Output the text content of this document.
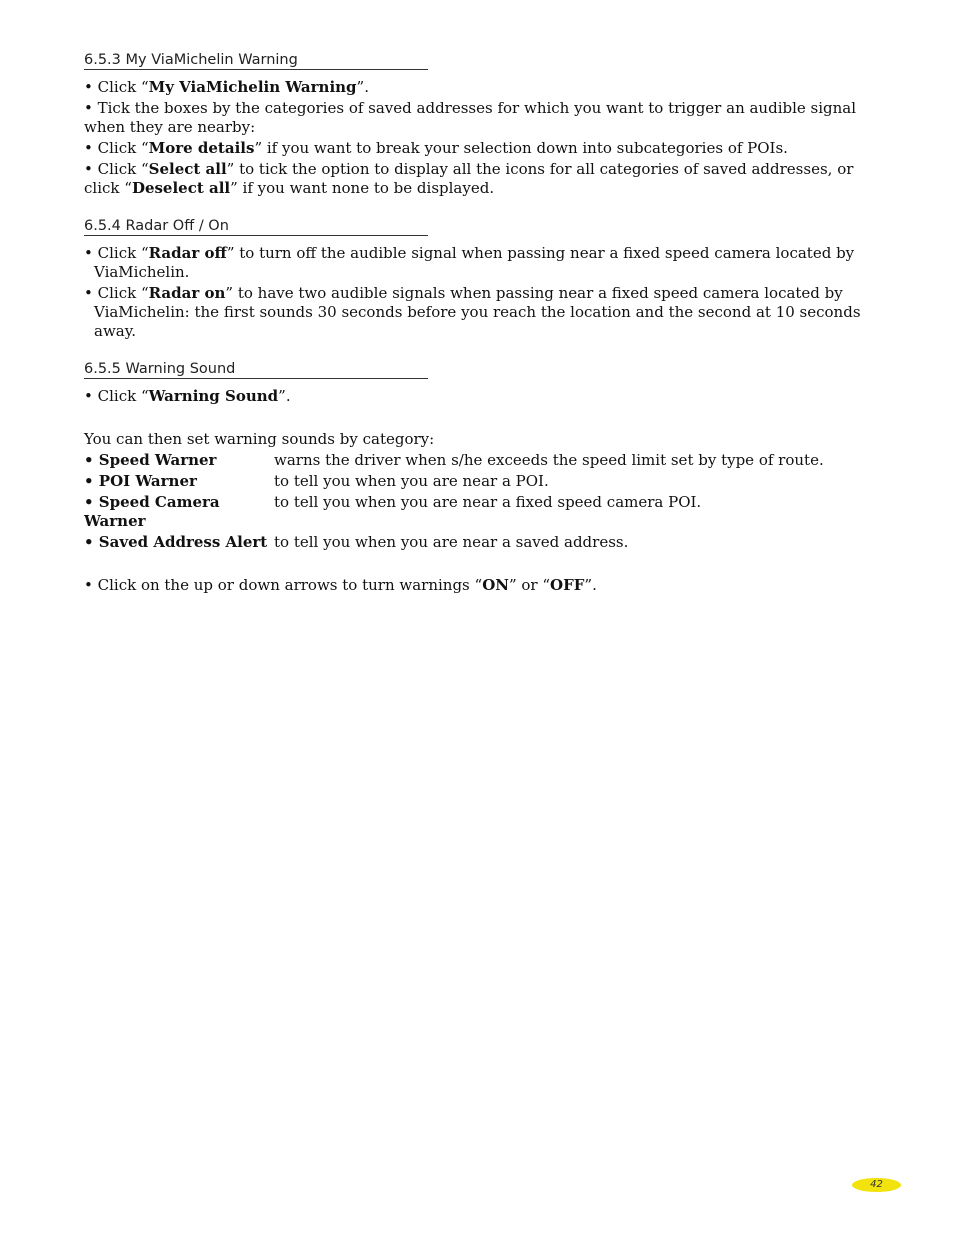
6.5.3 My ViaMichelin Warning

• Click “My ViaMichelin Warning”.

• Tick the boxes by the categories of saved addresses for which you want to trigger an audible signal when they are nearby:

• Click “More details” if you want to break your selection down into subcategories of POIs.

• Click “Select all” to tick the option to display all the icons for all categories of saved addresses, or click “Deselect all” if you want none to be displayed.

6.5.4 Radar Off / On

• Click “Radar off” to turn off the audible signal when passing near a fixed speed camera located by ViaMichelin.

• Click “Radar on” to have two audible signals when passing near a fixed speed camera located by ViaMichelin: the first sounds 30 seconds before you reach the location and the second at 10 seconds away.

6.5.5 Warning Sound

• Click “Warning Sound”.

You can then set warning sounds by category:

• Speed Warner	warns the driver when s/he exceeds the speed limit set by type of route.
• POI Warner	to tell you when you are near a POI.
• Speed Camera Warner
to tell you when you are near a fixed speed camera POI.
• Saved Address Alert to tell you when you are near a saved address.

• Click on the up or down arrows to turn warnings “ON” or “OFF”.

42
